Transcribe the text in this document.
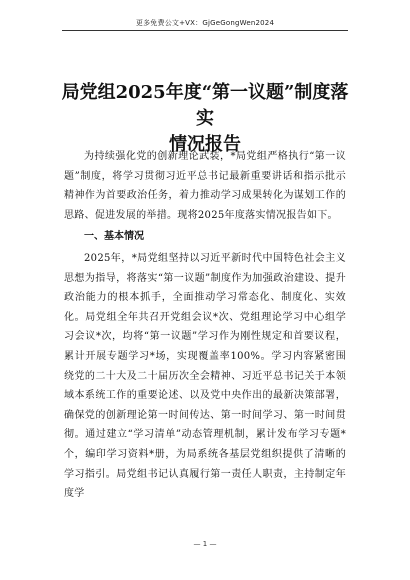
更多免费公文+VX：GjGeGongWen2024
局党组2025年度“第一议题”制度落实
情况报告

为持续强化党的创新理论武装，*局党组严格执行“第一议题”制度，将学习贯彻习近平总书记最新重要讲话和指示批示精神作为首要政治任务，着力推动学习成果转化为谋划工作的思路、促进发展的举措。现将2025年度落实情况报告如下。

一、基本情况

2025年，*局党组坚持以习近平新时代中国特色社会主义思想为指导，将落实“第一议题”制度作为加强政治建设、提升政治能力的根本抓手，全面推动学习常态化、制度化、实效化。局党组全年共召开党组会议*次、党组理论学习中心组学习会议*次，均将“第一议题”学习作为刚性规定和首要议程，累计开展专题学习*场，实现覆盖率100%。学习内容紧密围绕党的二十大及二十届历次全会精神、习近平总书记关于本领域本系统工作的重要论述、以及党中央作出的最新决策部署，确保党的创新理论第一时间传达、第一时间学习、第一时间贯彻。通过建立“学习清单”动态管理机制，累计发布学习专题*个，编印学习资料*册，为局系统各基层党组织提供了清晰的学习指引。局党组书记认真履行第一责任人职责，主持制定年度学

— 1 —
